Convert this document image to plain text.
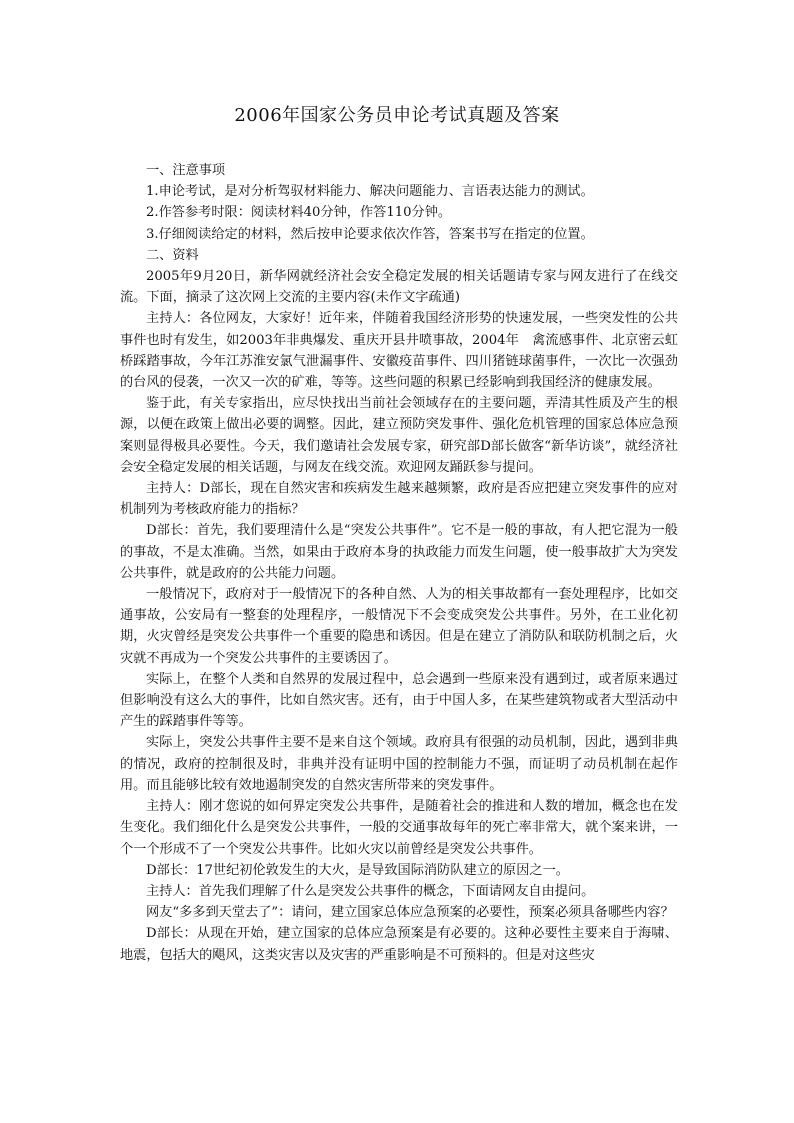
2006年国家公务员申论考试真题及答案

一、注意事项

1.申论考试，是对分析驾驭材料能力、解决问题能力、言语表达能力的测试。

2.作答参考时限：阅读材料40分钟，作答110分钟。

3.仔细阅读给定的材料，然后按申论要求依次作答，答案书写在指定的位置。

二、资料

2005年9月20日，新华网就经济社会安全稳定发展的相关话题请专家与网友进行了在线交流。下面，摘录了这次网上交流的主要内容(未作文字疏通)

主持人：各位网友，大家好！近年来，伴随着我国经济形势的快速发展，一些突发性的公共事件也时有发生，如2003年非典爆发、重庆开县井喷事故，2004年　禽流感事件、北京密云虹桥踩踏事故，今年江苏淮安氯气泄漏事件、安徽疫苗事件、四川猪链球菌事件，一次比一次强劲的台风的侵袭，一次又一次的矿难，等等。这些问题的积累已经影响到我国经济的健康发展。

鉴于此，有关专家指出，应尽快找出当前社会领域存在的主要问题，弄清其性质及产生的根源，以便在政策上做出必要的调整。因此，建立预防突发事件、强化危机管理的国家总体应急预案则显得极具必要性。今天，我们邀请社会发展专家，研究部D部长做客“新华访谈”，就经济社会安全稳定发展的相关话题，与网友在线交流。欢迎网友踊跃参与提问。

主持人：D部长，现在自然灾害和疾病发生越来越频繁，政府是否应把建立突发事件的应对机制列为考核政府能力的指标？

D部长：首先，我们要理清什么是“突发公共事件”。它不是一般的事故，有人把它混为一般的事故，不是太准确。当然，如果由于政府本身的执政能力而发生问题，使一般事故扩大为突发公共事件，就是政府的公共能力问题。

一般情况下，政府对于一般情况下的各种自然、人为的相关事故都有一套处理程序，比如交通事故，公安局有一整套的处理程序，一般情况下不会变成突发公共事件。另外，在工业化初期，火灾曾经是突发公共事件一个重要的隐患和诱因。但是在建立了消防队和联防机制之后，火灾就不再成为一个突发公共事件的主要诱因了。

实际上，在整个人类和自然界的发展过程中，总会遇到一些原来没有遇到过，或者原来遇过但影响没有这么大的事件，比如自然灾害。还有，由于中国人多，在某些建筑物或者大型活动中产生的踩踏事件等等。

实际上，突发公共事件主要不是来自这个领域。政府具有很强的动员机制，因此，遇到非典的情况，政府的控制很及时，非典并没有证明中国的控制能力不强，而证明了动员机制在起作用。而且能够比较有效地遏制突发的自然灾害所带来的突发事件。

主持人：刚才您说的如何界定突发公共事件，是随着社会的推进和人数的增加，概念也在发生变化。我们细化什么是突发公共事件，一般的交通事故每年的死亡率非常大，就个案来讲，一个一个形成不了一个突发公共事件。比如火灾以前曾经是突发公共事件。

D部长：17世纪初伦敦发生的大火，是导致国际消防队建立的原因之一。

主持人：首先我们理解了什么是突发公共事件的概念，下面请网友自由提问。

网友“多多到天堂去了”：请问，建立国家总体应急预案的必要性，预案必须具备哪些内容？

D部长：从现在开始，建立国家的总体应急预案是有必要的。这种必要性主要来自于海啸、地震，包括大的飓风，这类灾害以及灾害的严重影响是不可预料的。但是对这些灾
